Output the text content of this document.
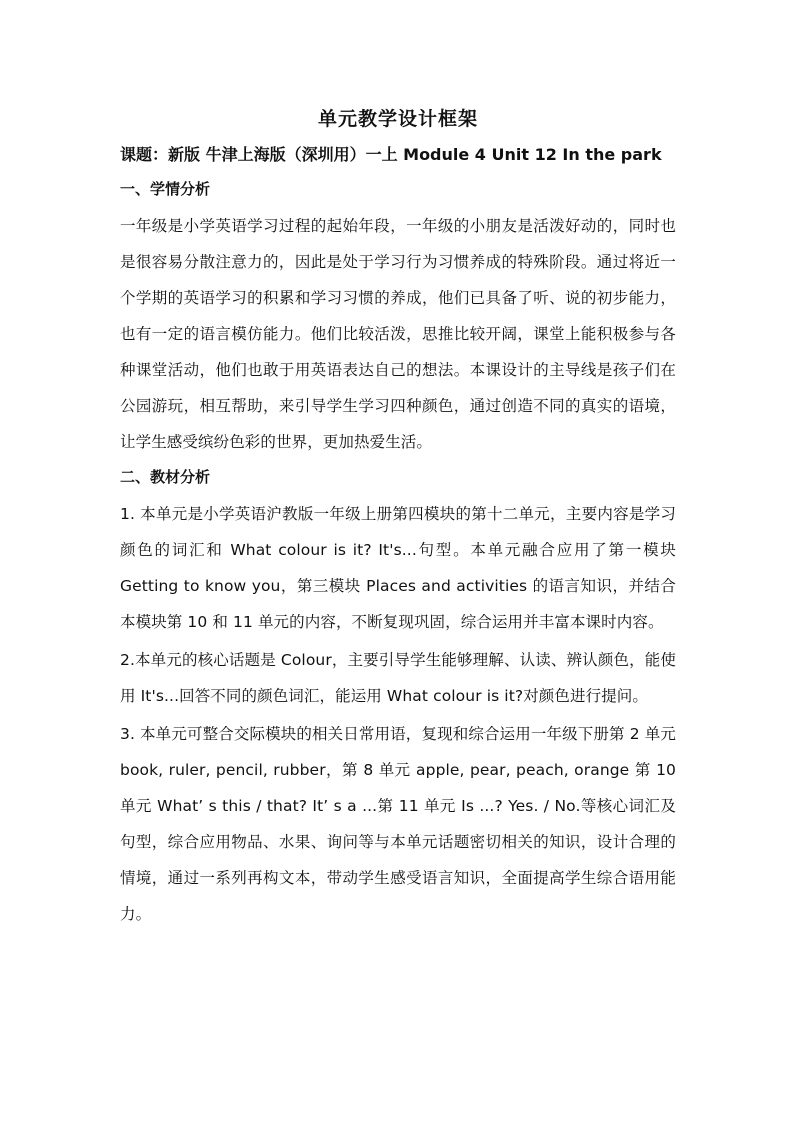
单元教学设计框架
课题：新版 牛津上海版（深圳用）一上 Module 4 Unit 12 In the park
一、学情分析

一年级是小学英语学习过程的起始年段，一年级的小朋友是活泼好动的，同时也是很容易分散注意力的，因此是处于学习行为习惯养成的特殊阶段。通过将近一个学期的英语学习的积累和学习习惯的养成，他们已具备了听、说的初步能力，也有一定的语言模仿能力。他们比较活泼，思推比较开阔，课堂上能积极参与各种课堂活动，他们也敢于用英语表达自己的想法。本课设计的主导线是孩子们在公园游玩，相互帮助，来引导学生学习四种颜色，通过创造不同的真实的语境，让学生感受缤纷色彩的世界，更加热爱生活。

二、教材分析

1. 本单元是小学英语沪教版一年级上册第四模块的第十二单元，主要内容是学习颜色的词汇和 What colour is it? It's...句型。本单元融合应用了第一模块 Getting to know you，第三模块 Places and activities 的语言知识，并结合本模块第 10 和 11 单元的内容，不断复现巩固，综合运用并丰富本课时内容。

2.本单元的核心话题是 Colour，主要引导学生能够理解、认读、辨认颜色，能使用 It's...回答不同的颜色词汇，能运用 What colour is it?对颜色进行提问。

3. 本单元可整合交际模块的相关日常用语，复现和综合运用一年级下册第 2 单元 book, ruler, pencil, rubber，第 8 单元 apple, pear, peach, orange 第 10 单元 What’ s this / that? It’ s a ...第 11 单元 Is ...? Yes. / No.等核心词汇及句型，综合应用物品、水果、询问等与本单元话题密切相关的知识，设计合理的情境，通过一系列再构文本，带动学生感受语言知识，全面提高学生综合语用能力。
